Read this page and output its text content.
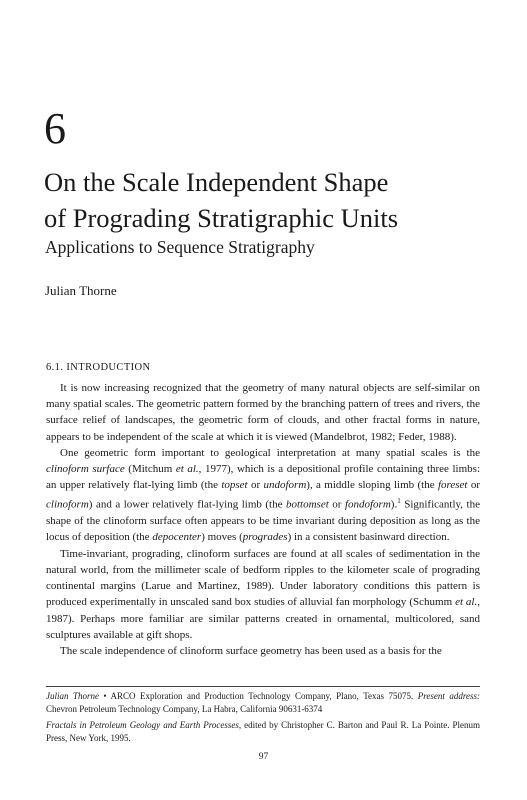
6
On the Scale Independent Shape
of Prograding Stratigraphic Units
Applications to Sequence Stratigraphy
Julian Thorne
6.1. INTRODUCTION

It is now increasing recognized that the geometry of many natural objects are self-similar on many spatial scales. The geometric pattern formed by the branching pattern of trees and rivers, the surface relief of landscapes, the geometric form of clouds, and other fractal forms in nature, appears to be independent of the scale at which it is viewed (Mandelbrot, 1982; Feder, 1988).

One geometric form important to geological interpretation at many spatial scales is the clinoform surface (Mitchum et al., 1977), which is a depositional profile containing three limbs: an upper relatively flat-lying limb (the topset or undoform), a middle sloping limb (the foreset or clinoform) and a lower relatively flat-lying limb (the bottomset or fondoform).$^1$ Significantly, the shape of the clinoform surface often appears to be time invariant during deposition as long as the locus of deposition (the depocenter) moves (progrades) in a consistent basinward direction.

Time-invariant, prograding, clinoform surfaces are found at all scales of sedimentation in the natural world, from the millimeter scale of bedform ripples to the kilometer scale of prograding continental margins (Larue and Martinez, 1989). Under laboratory conditions this pattern is produced experimentally in unscaled sand box studies of alluvial fan morphology (Schumm et al., 1987). Perhaps more familiar are similar patterns created in ornamental, multicolored, sand sculptures available at gift shops.

The scale independence of clinoform surface geometry has been used as a basis for the

Julian Thorne • ARCO Exploration and Production Technology Company, Plano, Texas 75075. Present address: Chevron Petroleum Technology Company, La Habra, California 90631-6374
Fractals in Petroleum Geology and Earth Processes, edited by Christopher C. Barton and Paul R. La Pointe. Plenum Press, New York, 1995.
97
